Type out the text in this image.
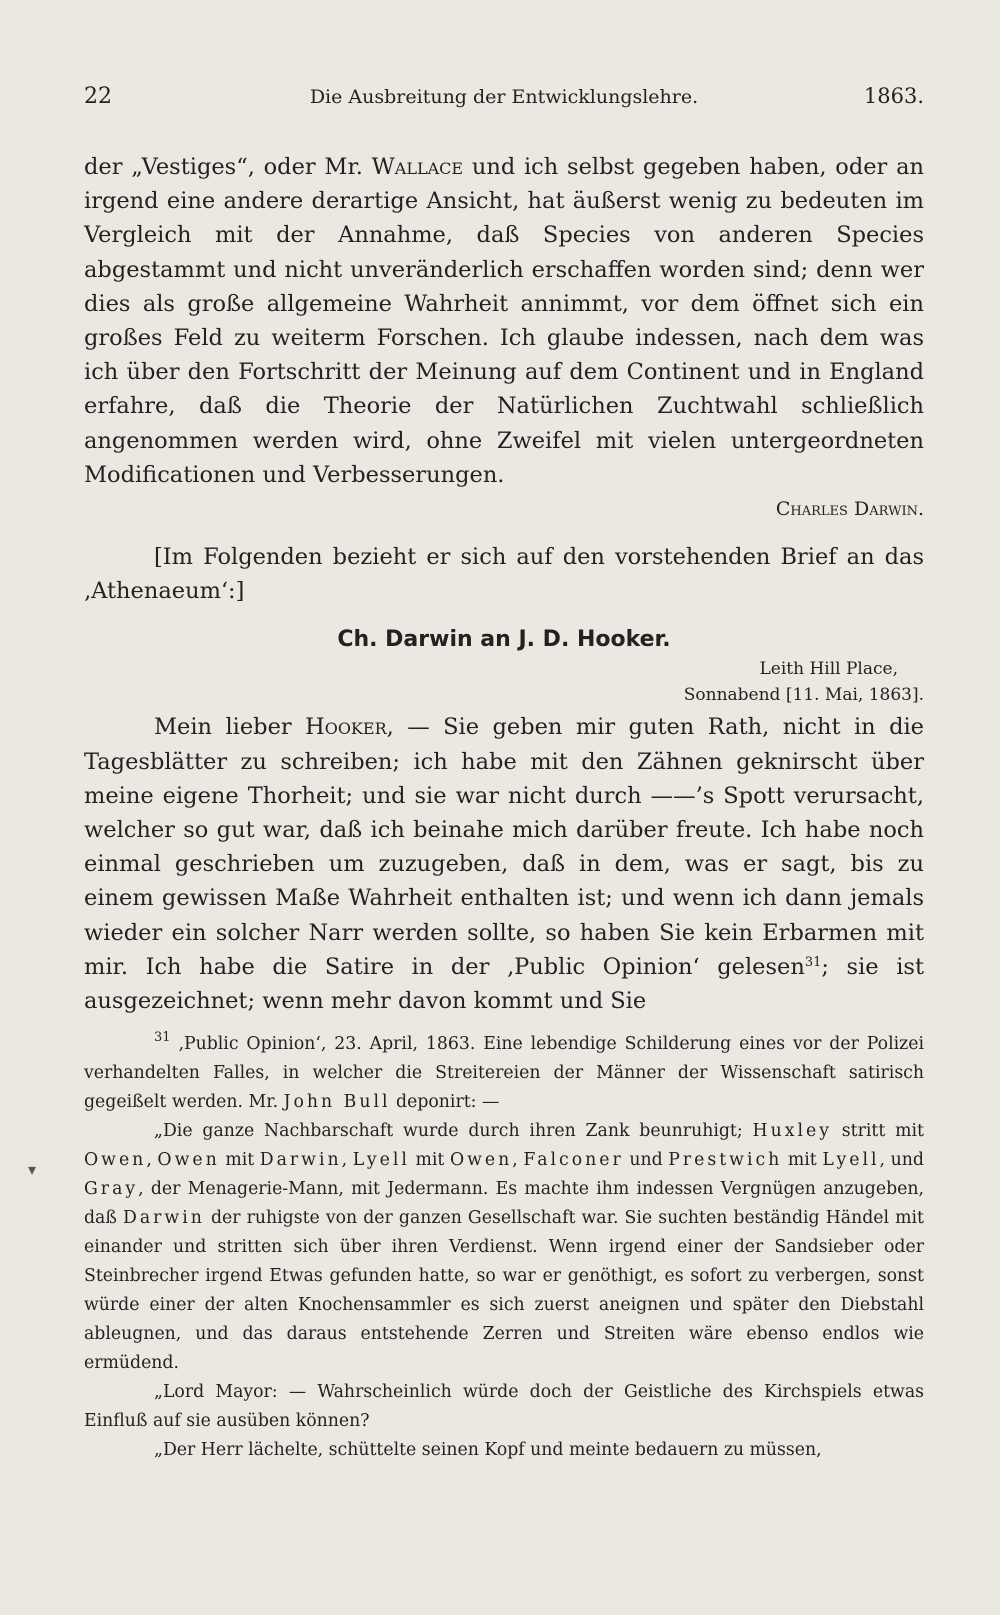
22	Die Ausbreitung der Entwicklungslehre.	1863.
▾

der „Vestiges“, oder Mr. Wallace und ich selbst gegeben haben, oder an irgend eine andere derartige Ansicht, hat äußerst wenig zu bedeuten im Vergleich mit der Annahme, daß Species von anderen Species abgestammt und nicht unveränderlich erschaffen worden sind; denn wer dies als große allgemeine Wahrheit annimmt, vor dem öffnet sich ein großes Feld zu weiterm Forschen. Ich glaube indessen, nach dem was ich über den Fortschritt der Meinung auf dem Continent und in England erfahre, daß die Theorie der Natürlichen Zuchtwahl schließlich angenommen werden wird, ohne Zweifel mit vielen untergeordneten Modificationen und Verbesserungen.

Charles Darwin.

[Im Folgenden bezieht er sich auf den vorstehenden Brief an das ‚Athenaeum‘:]

Ch. Darwin an J. D. Hooker.

Leith Hill Place,

Sonnabend [11. Mai, 1863].

Mein lieber Hooker, — Sie geben mir guten Rath, nicht in die Tagesblätter zu schreiben; ich habe mit den Zähnen geknirscht über meine eigene Thorheit; und sie war nicht durch ——’s Spott verursacht, welcher so gut war, daß ich beinahe mich darüber freute. Ich habe noch einmal geschrieben um zuzugeben, daß in dem, was er sagt, bis zu einem gewissen Maße Wahrheit enthalten ist; und wenn ich dann jemals wieder ein solcher Narr werden sollte, so haben Sie kein Erbarmen mit mir. Ich habe die Satire in der ‚Public Opinion‘ gelesen$^{31}$; sie ist ausgezeichnet; wenn mehr davon kommt und Sie

$^{31}$ ‚Public Opinion‘, 23. April, 1863. Eine lebendige Schilderung eines vor der Polizei verhandelten Falles, in welcher die Streitereien der Männer der Wissenschaft satirisch gegeißelt werden. Mr. John Bull deponirt: —

„Die ganze Nachbarschaft wurde durch ihren Zank beunruhigt; Huxley stritt mit Owen, Owen mit Darwin, Lyell mit Owen, Falconer und Prestwich mit Lyell, und Gray, der Menagerie-Mann, mit Jedermann. Es machte ihm indessen Vergnügen anzugeben, daß Darwin der ruhigste von der ganzen Gesellschaft war. Sie suchten beständig Händel mit einander und stritten sich über ihren Verdienst. Wenn irgend einer der Sandsieber oder Steinbrecher irgend Etwas gefunden hatte, so war er genöthigt, es sofort zu verbergen, sonst würde einer der alten Knochensammler es sich zuerst aneignen und später den Diebstahl ableugnen, und das daraus entstehende Zerren und Streiten wäre ebenso endlos wie ermüdend.

„Lord Mayor: — Wahrscheinlich würde doch der Geistliche des Kirchspiels etwas Einfluß auf sie ausüben können?

„Der Herr lächelte, schüttelte seinen Kopf und meinte bedauern zu müssen,
